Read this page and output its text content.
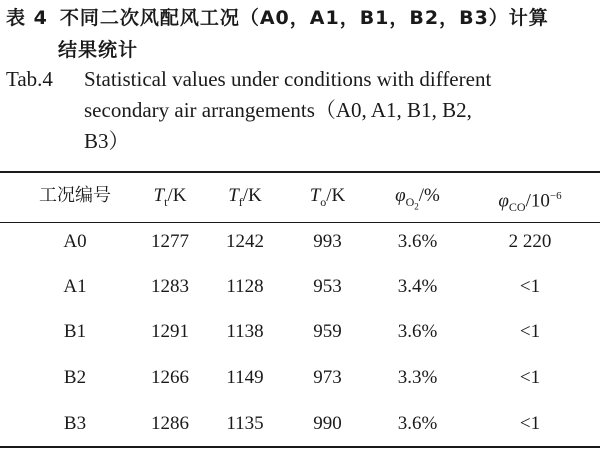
表 4 不同二次风配风工况（A0，A1，B1，B2，B3）计算
结果统计
Tab.4 Statistical values under conditions with different
secondary air arrangements（A0, A1, B1, B2,
B3）
工况编号	$T_t/K$	$T_f/K$	$T_o/K$	$\varphi_{O_2}/\%$	$\varphi_{CO}/10^{-6}$
A0	1277	1242	993	3.6%	2 220
A1	1283	1128	953	3.4%	<1
B1	1291	1138	959	3.6%	<1
B2	1266	1149	973	3.3%	<1
B3	1286	1135	990	3.6%	<1
